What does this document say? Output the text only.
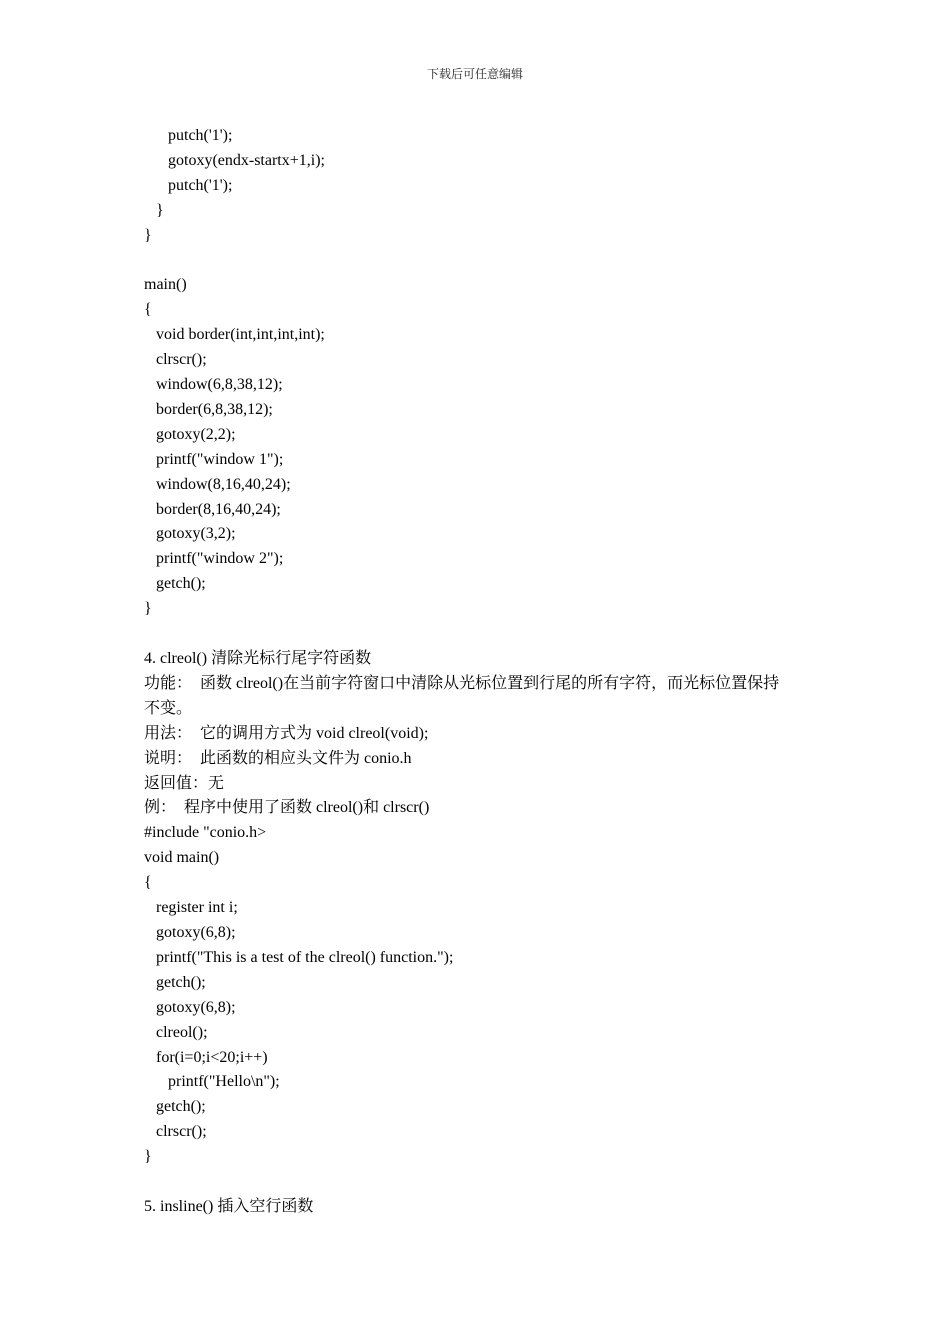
下载后可任意编辑
putch('1');
gotoxy(endx-startx+1,i);
putch('1');
}
}
main()
{
void border(int,int,int,int);
clrscr();
window(6,8,38,12);
border(6,8,38,12);
gotoxy(2,2);
printf("window 1");
window(8,16,40,24);
border(8,16,40,24);
gotoxy(3,2);
printf("window 2");
getch();
}
4. clreol() 清除光标行尾字符函数
功能：  函数 clreol()在当前字符窗口中清除从光标位置到行尾的所有字符，而光标位置保持
不变。
用法：  它的调用方式为 void clreol(void);
说明：  此函数的相应头文件为 conio.h
返回值：无
例：  程序中使用了函数 clreol()和 clrscr()
#include "conio.h>
void main()
{
register int i;
gotoxy(6,8);
printf("This is a test of the clreol() function.");
getch();
gotoxy(6,8);
clreol();
for(i=0;i<20;i++)
printf("Hello\n");
getch();
clrscr();
}
5. insline() 插入空行函数
